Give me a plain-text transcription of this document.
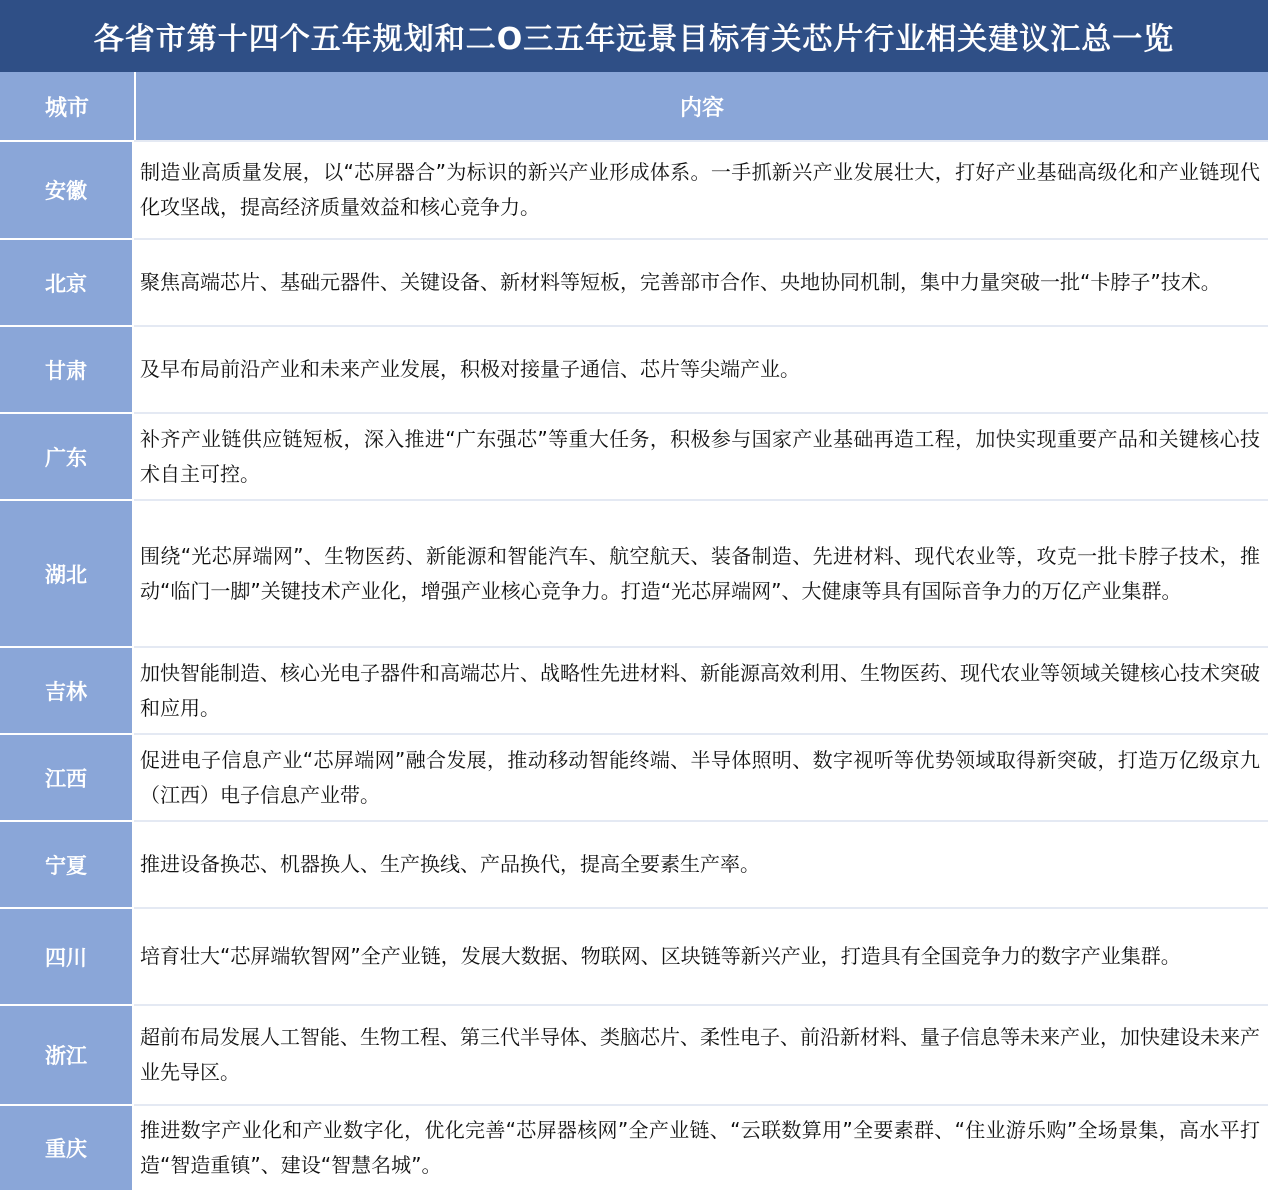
各省市第十四个五年规划和二O三五年远景目标有关芯片行业相关建议汇总一览
城市	内容
安徽	制造业高质量发展，以“芯屏器合”为标识的新兴产业形成体系。一手抓新兴产业发展壮大，打好产业基础高级化和产业链现代化攻坚战，提高经济质量效益和核心竞争力。
北京	聚焦高端芯片、基础元器件、关键设备、新材料等短板，完善部市合作、央地协同机制，集中力量突破一批“卡脖子”技术。
甘肃	及早布局前沿产业和未来产业发展，积极对接量子通信、芯片等尖端产业。
广东	补齐产业链供应链短板，深入推进“广东强芯”等重大任务，积极参与国家产业基础再造工程，加快实现重要产品和关键核心技术自主可控。
湖北	围绕“光芯屏端网”、生物医药、新能源和智能汽车、航空航天、装备制造、先进材料、现代农业等，攻克一批卡脖子技术，推动“临门一脚”关键技术产业化，增强产业核心竞争力。打造“光芯屏端网”、大健康等具有国际音争力的万亿产业集群。
吉林	加快智能制造、核心光电子器件和高端芯片、战略性先进材料、新能源高效利用、生物医药、现代农业等领域关键核心技术突破和应用。
江西	促进电子信息产业“芯屏端网”融合发展，推动移动智能终端、半导体照明、数字视听等优势领域取得新突破，打造万亿级京九（江西）电子信息产业带。
宁夏	推进设备换芯、机器换人、生产换线、产品换代，提高全要素生产率。
四川	培育壮大“芯屏端软智网”全产业链，发展大数据、物联网、区块链等新兴产业，打造具有全国竞争力的数字产业集群。
浙江	超前布局发展人工智能、生物工程、第三代半导体、类脑芯片、柔性电子、前沿新材料、量子信息等未来产业，加快建设未来产业先导区。
重庆	推进数字产业化和产业数字化，优化完善“芯屏器核网”全产业链、“云联数算用”全要素群、“住业游乐购”全场景集，高水平打造“智造重镇”、建设“智慧名城”。
